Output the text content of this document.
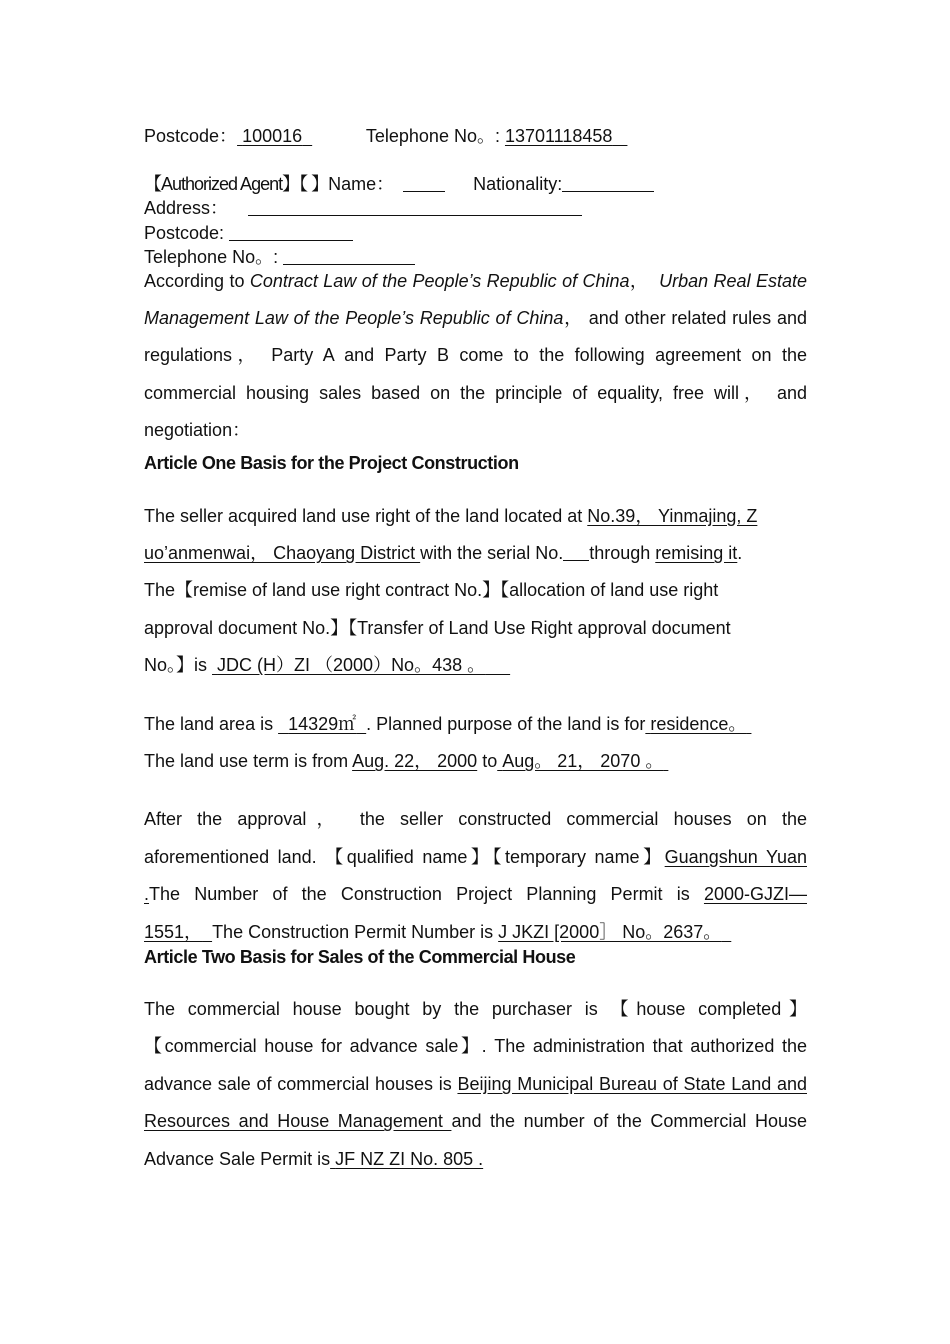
Postcode： 100016	Telephone No。: 13701118458
【Authorized Agent】【 】Name：	Nationality:
Address：
Postcode:
Telephone No。:

According to Contract Law of the People’s Republic of China， Urban Real Estate Management Law of the People’s Republic of China， and other related rules and regulations， Party A and Party B come to the following agreement on the commercial housing sales based on the principle of equality, free will， and negotiation：

Article One Basis for the Project Construction
The seller acquired land use right of the land located at No.39， Yinmajing, Z
uo’anmenwai， Chaoyang District with the serial No. through remising it.
The【remise of land use right contract No.】【allocation of land use right
approval document No.】【Transfer of Land Use Right approval document
No。】is  JDC (H）ZI （2000）No。438 。
The land area is   14329㎡ . Planned purpose of the land is for residence。
The land use term is from Aug. 22， 2000 to Aug。 21， 2070 。

After the approval， the seller constructed commercial houses on the aforementioned land. 【qualified name】【temporary name】Guangshun Yuan .The Number of the Construction Project Planning Permit is 2000-GJZI—1551， The Construction Permit Number is J JKZI [2000］ No。2637。

Article Two Basis for Sales of the Commercial House

The commercial house bought by the purchaser is 【house completed】【commercial house for advance sale】. The administration that authorized the advance sale of commercial houses is Beijing Municipal Bureau of State Land and Resources and House Management and the number of the Commercial House Advance Sale Permit is JF NZ ZI No. 805 .
